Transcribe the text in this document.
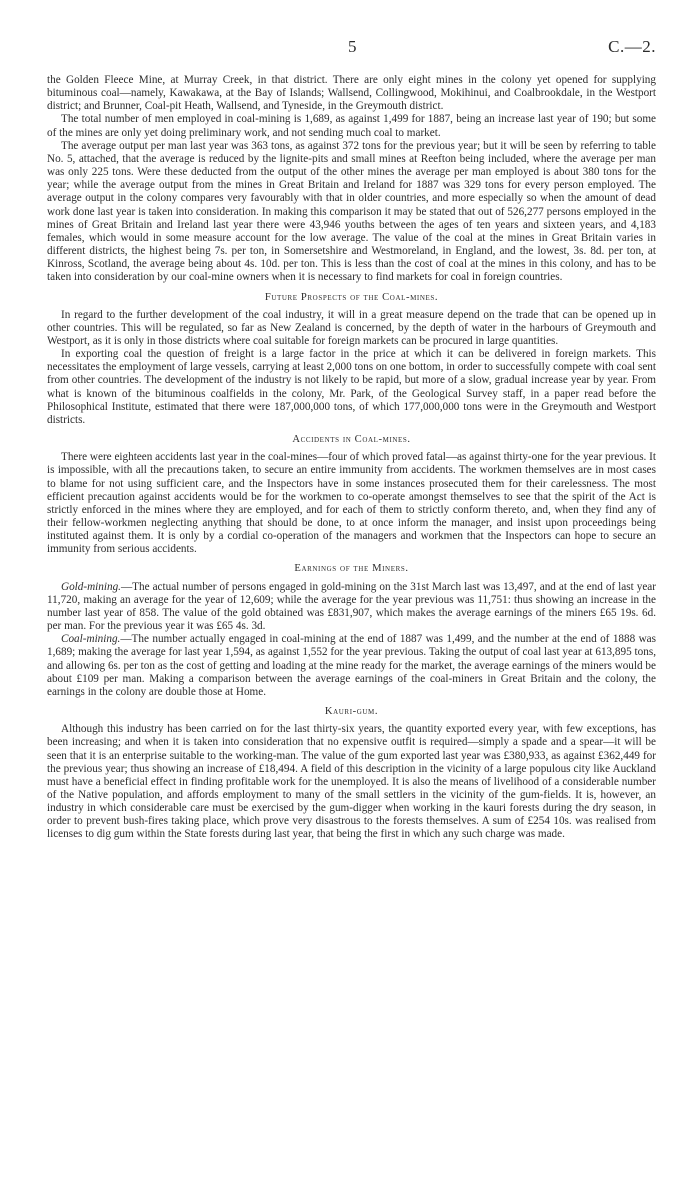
5	C.—2.

the Golden Fleece Mine, at Murray Creek, in that district. There are only eight mines in the colony yet opened for supplying bituminous coal—namely, Kawakawa, at the Bay of Islands; Wallsend, Collingwood, Mokihinui, and Coalbrookdale, in the Westport district; and Brunner, Coal-pit Heath, Wallsend, and Tyneside, in the Greymouth district.

The total number of men employed in coal-mining is 1,689, as against 1,499 for 1887, being an increase last year of 190; but some of the mines are only yet doing preliminary work, and not sending much coal to market.

The average output per man last year was 363 tons, as against 372 tons for the previous year; but it will be seen by referring to table No. 5, attached, that the average is reduced by the lignite-pits and small mines at Reefton being included, where the average per man was only 225 tons. Were these deducted from the output of the other mines the average per man employed is about 380 tons for the year; while the average output from the mines in Great Britain and Ireland for 1887 was 329 tons for every person employed. The average output in the colony compares very favourably with that in older countries, and more especially so when the amount of dead work done last year is taken into consideration. In making this comparison it may be stated that out of 526,277 persons employed in the mines of Great Britain and Ireland last year there were 43,946 youths between the ages of ten years and sixteen years, and 4,183 females, which would in some measure account for the low average. The value of the coal at the mines in Great Britain varies in different districts, the highest being 7s. per ton, in Somersetshire and Westmoreland, in England, and the lowest, 3s. 8d. per ton, at Kinross, Scotland, the average being about 4s. 10d. per ton. This is less than the cost of coal at the mines in this colony, and has to be taken into consideration by our coal-mine owners when it is necessary to find markets for coal in foreign countries.

Future Prospects of the Coal-mines.

In regard to the further development of the coal industry, it will in a great measure depend on the trade that can be opened up in other countries. This will be regulated, so far as New Zealand is concerned, by the depth of water in the harbours of Greymouth and Westport, as it is only in those districts where coal suitable for foreign markets can be procured in large quantities.

In exporting coal the question of freight is a large factor in the price at which it can be delivered in foreign markets. This necessitates the employment of large vessels, carrying at least 2,000 tons on one bottom, in order to successfully compete with coal sent from other countries. The development of the industry is not likely to be rapid, but more of a slow, gradual increase year by year. From what is known of the bituminous coalfields in the colony, Mr. Park, of the Geological Survey staff, in a paper read before the Philosophical Institute, estimated that there were 187,000,000 tons, of which 177,000,000 tons were in the Greymouth and Westport districts.

Accidents in Coal-mines.

There were eighteen accidents last year in the coal-mines—four of which proved fatal—as against thirty-one for the year previous. It is impossible, with all the precautions taken, to secure an entire immunity from accidents. The workmen themselves are in most cases to blame for not using sufficient care, and the Inspectors have in some instances prosecuted them for their carelessness. The most efficient precaution against accidents would be for the workmen to co-operate amongst themselves to see that the spirit of the Act is strictly enforced in the mines where they are employed, and for each of them to strictly conform thereto, and, when they find any of their fellow-workmen neglecting anything that should be done, to at once inform the manager, and insist upon proceedings being instituted against them. It is only by a cordial co-operation of the managers and workmen that the Inspectors can hope to secure an immunity from serious accidents.

Earnings of the Miners.

Gold-mining.—The actual number of persons engaged in gold-mining on the 31st March last was 13,497, and at the end of last year 11,720, making an average for the year of 12,609; while the average for the year previous was 11,751: thus showing an increase in the number last year of 858. The value of the gold obtained was £831,907, which makes the average earnings of the miners £65 19s. 6d. per man. For the previous year it was £65 4s. 3d.

Coal-mining.—The number actually engaged in coal-mining at the end of 1887 was 1,499, and the number at the end of 1888 was 1,689; making the average for last year 1,594, as against 1,552 for the year previous. Taking the output of coal last year at 613,895 tons, and allowing 6s. per ton as the cost of getting and loading at the mine ready for the market, the average earnings of the miners would be about £109 per man. Making a comparison between the average earnings of the coal-miners in Great Britain and the colony, the earnings in the colony are double those at Home.

Kauri-gum.

Although this industry has been carried on for the last thirty-six years, the quantity exported every year, with few exceptions, has been increasing; and when it is taken into consideration that no expensive outfit is required—simply a spade and a spear—it will be seen that it is an enterprise suitable to the working-man. The value of the gum exported last year was £380,933, as against £362,449 for the previous year; thus showing an increase of £18,494. A field of this description in the vicinity of a large populous city like Auckland must have a beneficial effect in finding profitable work for the unemployed. It is also the means of livelihood of a considerable number of the Native population, and affords employment to many of the small settlers in the vicinity of the gum-fields. It is, however, an industry in which considerable care must be exercised by the gum-digger when working in the kauri forests during the dry season, in order to prevent bush-fires taking place, which prove very disastrous to the forests themselves. A sum of £254 10s. was realised from licenses to dig gum within the State forests during last year, that being the first in which any such charge was made.
